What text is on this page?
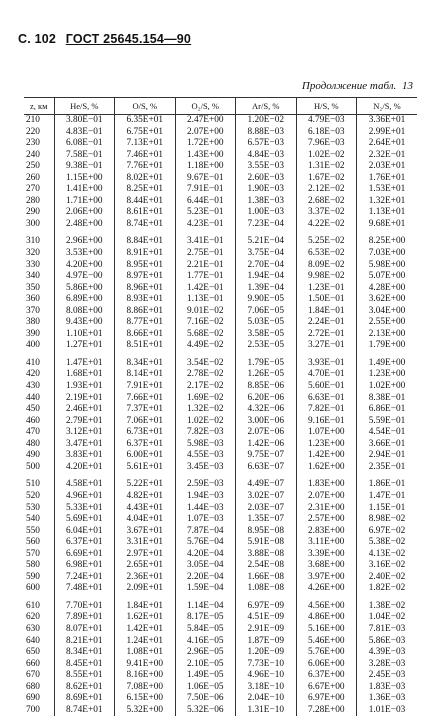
С. 102 ГОСТ 25645.154—90
Продолжение табл. 13
z, км	He/S, %	O/S, %	O₂/S, %	Ar/S, %	H/S, %	N₂/S, %
210	3.80E−01	6.35E+01	2.47E+00	1.20E−02	4.79E−03	3.36E+01
220	4.83E−01	6.75E+01	2.07E+00	8.88E−03	6.18E−03	2.99E+01
230	6.08E−01	7.13E+01	1.72E+00	6.57E−03	7.96E−03	2.64E+01
240	7.58E−01	7.46E+01	1.43E+00	4.84E−03	1.02E−02	2.32E−01
250	9.38E−01	7.76E+01	1.18E+00	3.55E−03	1.31E−02	2.03E+01
260	1.15E+00	8.02E+01	9.67E−01	2.60E−03	1.67E−02	1.76E+01
270	1.41E+00	8.25E+01	7.91E−01	1.90E−03	2.12E−02	1.53E+01
280	1.71E+00	8.44E+01	6.44E−01	1.38E−03	2.68E−02	1.32E+01
290	2.06E+00	8.61E+01	5.23E−01	1.00E−03	3.37E−02	1.13E+01
300	2.48E+00	8.74E+01	4.23E−01	7.23E−04	4.22E−02	9.68E+01

310	2.96E+00	8.84E+01	3.41E−01	5.21E−04	5.25E−02	8.25E+00
320	3.53E+00	8.91E+01	2.75E−01	3.75E−04	6.53E−02	7.03E+00
330	4.20E+00	8.95E+01	2.21E−01	2.70E−04	8.09E−02	5.98E+00
340	4.97E−00	8.97E+01	1.77E−01	1.94E−04	9.98E−02	5.07E+00
350	5.86E+00	8.96E+01	1.42E−01	1.39E−04	1.23E−01	4.28E+00
360	6.89E+00	8.93E+01	1.13E−01	9.90E−05	1.50E−01	3.62E+00
370	8.08E+00	8.86E+01	9.01E−02	7.06E−05	1.84E−01	3.04E+00
380	9.43E+00	8.77E+01	7.16E−02	5.03E−05	2.24E−01	2.55E+00
390	1.10E+01	8.66E+01	5.68E−02	3.58E−05	2.72E−01	2.13E+00
400	1.27E+01	8.51E+01	4.49E−02	2.53E−05	3.27E−01	1.79E+00

410	1.47E+01	8.34E+01	3.54E−02	1.79E−05	3.93E−01	1.49E+00
420	1.68E+01	8.14E+01	2.78E−02	1.26E−05	4.70E−01	1.23E+00
430	1.93E+01	7.91E+01	2.17E−02	8.85E−06	5.60E−01	1.02E+00
440	2.19E+01	7.66E+01	1.69E−02	6.20E−06	6.63E−01	8.38E−01
450	2.46E+01	7.37E+01	1.32E−02	4.32E−06	7.82E−01	6.86E−01
460	2.79E+01	7.06E+01	1.02E−02	3.00E−06	9.16E−01	5.59E−01
470	3.12E+01	6.73E+01	7.82E−03	2.07E−06	1.07E+00	4.54E−01
480	3.47E+01	6.37E+01	5.98E−03	1.42E−06	1.23E+00	3.66E−01
490	3.83E+01	6.00E+01	4.55E−03	9.75E−07	1.42E+00	2.94E−01
500	4.20E+01	5.61E+01	3.45E−03	6.63E−07	1.62E+00	2.35E−01

510	4.58E+01	5.22E+01	2.59E−03	4.49E−07	1.83E+00	1.86E−01
520	4.96E+01	4.82E+01	1.94E−03	3.02E−07	2.07E+00	1.47E−01
530	5.33E+01	4.43E+01	1.44E−03	2.03E−07	2.31E+00	1.15E−01
540	5.69E+01	4.04E+01	1.07E−03	1.35E−07	2.57E+00	8.98E−02
550	6.04E+01	3.67E+01	7.87E−04	8.95E−08	2.83E+00	6.97E−02
560	6.37E+01	3.31E+01	5.76E−04	5.91E−08	3.11E+00	5.38E−02
570	6.69E+01	2.97E+01	4.20E−04	3.88E−08	3.39E+00	4.13E−02
580	6.98E+01	2.65E+01	3.05E−04	2.54E−08	3.68E+00	3.16E−02
590	7.24E+01	2.36E+01	2.20E−04	1.66E−08	3.97E+00	2.40E−02
600	7.48E+01	2.09E+01	1.59E−04	1.08E−08	4.26E+00	1.82E−02

610	7.70E+01	1.84E+01	1.14E−04	6.97E−09	4.56E+00	1.38E−02
620	7.89E+01	1.62E+01	8.17E−05	4.51E−09	4.86E+00	1.04E−02
630	8.07E+01	1.42E+01	5.84E−05	2.91E−09	5.16E+00	7.81E−03
640	8.21E+01	1.24E+01	4.16E−05	1.87E−09	5.46E+00	5.86E−03
650	8.34E+01	1.08E+01	2.96E−05	1.20E−09	5.76E+00	4.39E−03
660	8.45E+01	9.41E+00	2.10E−05	7.73E−10	6.06E+00	3.28E−03
670	8.55E+01	8.16E+00	1.49E−05	4.96E−10	6.37E+00	2.45E−03
680	8.62E+01	7.08E+00	1.06E−05	3.18E−10	6.67E+00	1.83E−03
690	8.69E+01	6.15E+00	7.50E−06	2.04E−10	6.97E+00	1.36E−03
700	8.74E+01	5.32E+00	5.32E−06	1.31E−10	7.28E+00	1.01E−03
